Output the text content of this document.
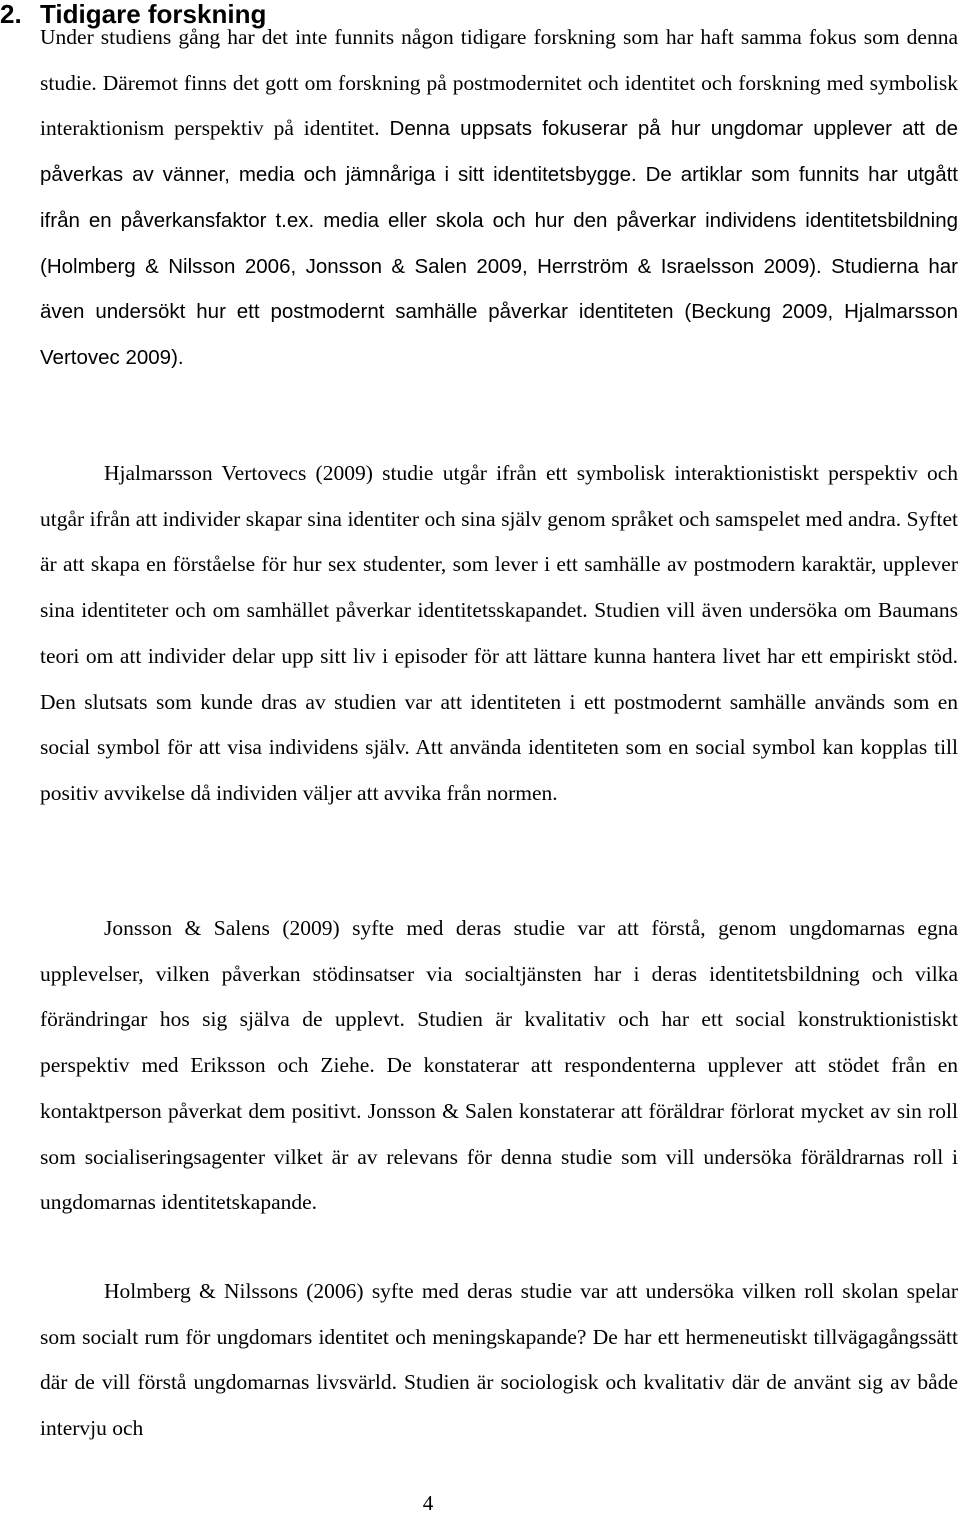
2. Tidigare forskning

Under studiens gång har det inte funnits någon tidigare forskning som har haft samma fokus som denna studie. Däremot finns det gott om forskning på postmodernitet och identitet och forskning med symbolisk interaktionism perspektiv på identitet. Denna uppsats fokuserar på hur ungdomar upplever att de påverkas av vänner, media och jämnåriga i sitt identitetsbygge. De artiklar som funnits har utgått ifrån en påverkansfaktor t.ex. media eller skola och hur den påverkar individens identitetsbildning (Holmberg & Nilsson 2006, Jonsson & Salen 2009, Herrström & Israelsson 2009). Studierna har även undersökt hur ett postmodernt samhälle påverkar identiteten (Beckung 2009, Hjalmarsson Vertovec 2009).

Hjalmarsson Vertovecs (2009) studie utgår ifrån ett symbolisk interaktionistiskt perspektiv och utgår ifrån att individer skapar sina identiter och sina själv genom språket och samspelet med andra. Syftet är att skapa en förståelse för hur sex studenter, som lever i ett samhälle av postmodern karaktär, upplever sina identiteter och om samhället påverkar identitetsskapandet. Studien vill även undersöka om Baumans teori om att individer delar upp sitt liv i episoder för att lättare kunna hantera livet har ett empiriskt stöd. Den slutsats som kunde dras av studien var att identiteten i ett postmodernt samhälle används som en social symbol för att visa individens själv. Att använda identiteten som en social symbol kan kopplas till positiv avvikelse då individen väljer att avvika från normen.

Jonsson & Salens (2009) syfte med deras studie var att förstå, genom ungdomarnas egna upplevelser, vilken påverkan stödinsatser via socialtjänsten har i deras identitetsbildning och vilka förändringar hos sig själva de upplevt. Studien är kvalitativ och har ett social konstruktionistiskt perspektiv med Eriksson och Ziehe. De konstaterar att respondenterna upplever att stödet från en kontaktperson påverkat dem positivt. Jonsson & Salen konstaterar att föräldrar förlorat mycket av sin roll som socialiseringsagenter vilket är av relevans för denna studie som vill undersöka föräldrarnas roll i ungdomarnas identitetskapande.

Holmberg & Nilssons (2006) syfte med deras studie var att undersöka vilken roll skolan spelar som socialt rum för ungdomars identitet och meningskapande? De har ett hermeneutiskt tillvägagångssätt där de vill förstå ungdomarnas livsvärld. Studien är sociologisk och kvalitativ där de använt sig av både intervju och

4
